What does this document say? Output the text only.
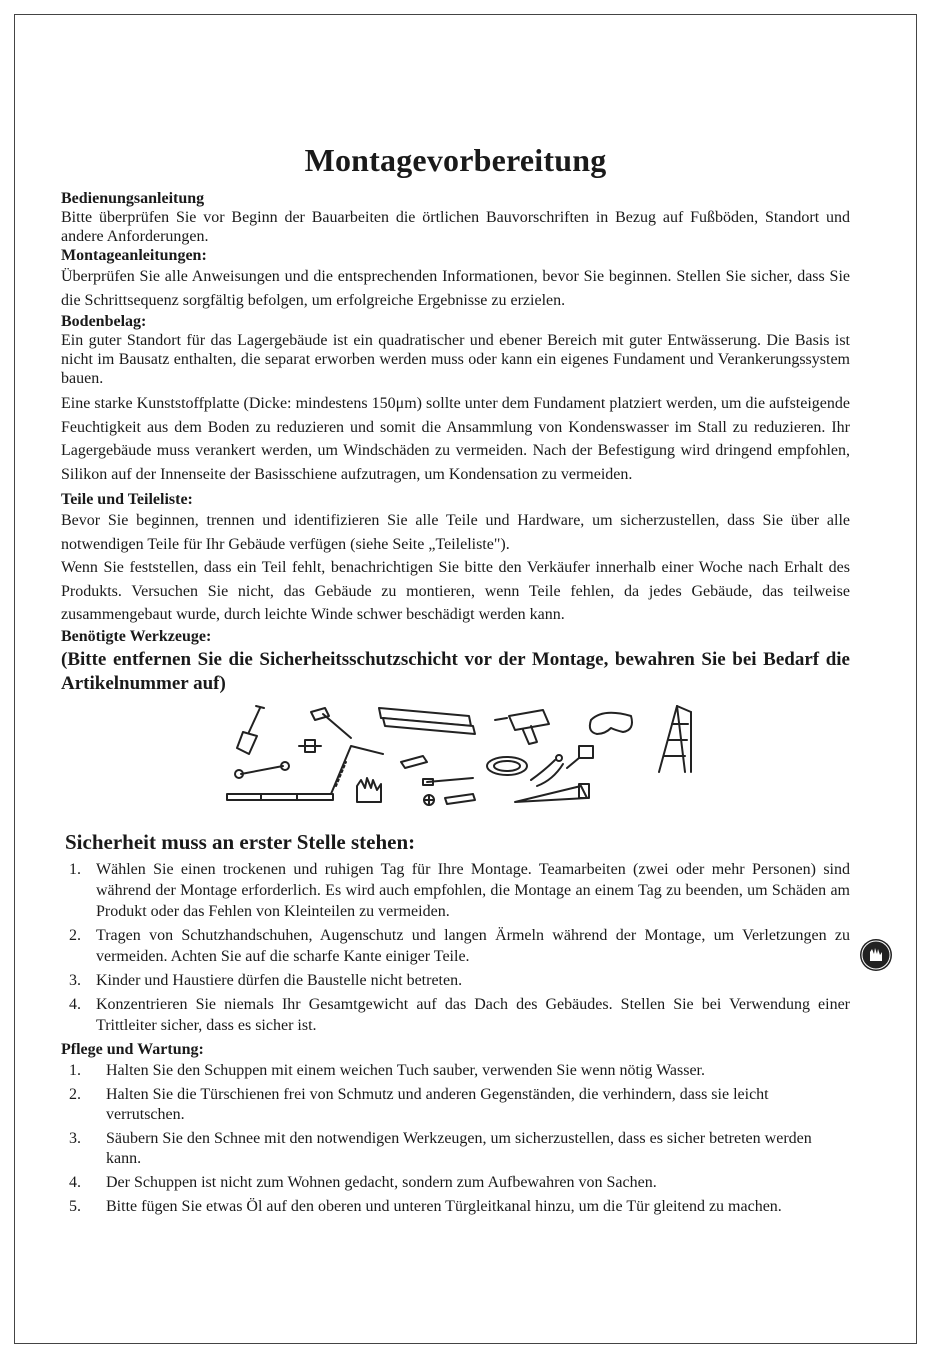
Montagevorbereitung

Bedienungsanleitung

Bitte überprüfen Sie vor Beginn der Bauarbeiten die örtlichen Bauvorschriften in Bezug auf Fußböden, Standort und andere Anforderungen.

Montageanleitungen:

Überprüfen Sie alle Anweisungen und die entsprechenden Informationen, bevor Sie beginnen. Stellen Sie sicher, dass Sie die Schrittsequenz sorgfältig befolgen, um erfolgreiche Ergebnisse zu erzielen.

Bodenbelag:

Ein guter Standort für das Lagergebäude ist ein quadratischer und ebener Bereich mit guter Entwässerung. Die Basis ist nicht im Bausatz enthalten, die separat erworben werden muss oder kann ein eigenes Fundament und Verankerungssystem bauen.

Eine starke Kunststoffplatte (Dicke: mindestens 150μm) sollte unter dem Fundament platziert werden, um die aufsteigende Feuchtigkeit aus dem Boden zu reduzieren und somit die Ansammlung von Kondenswasser im Stall zu reduzieren. Ihr Lagergebäude muss verankert werden, um Windschäden zu vermeiden. Nach der Befestigung wird dringend empfohlen, Silikon auf der Innenseite der Basisschiene aufzutragen, um Kondensation zu vermeiden.

Teile und Teileliste:

Bevor Sie beginnen, trennen und identifizieren Sie alle Teile und Hardware, um sicherzustellen, dass Sie über alle notwendigen Teile für Ihr Gebäude verfügen (siehe Seite „Teileliste").

Wenn Sie feststellen, dass ein Teil fehlt, benachrichtigen Sie bitte den Verkäufer innerhalb einer Woche nach Erhalt des Produkts. Versuchen Sie nicht, das Gebäude zu montieren, wenn Teile fehlen, da jedes Gebäude, das teilweise zusammengebaut wurde, durch leichte Winde schwer beschädigt werden kann.

Benötigte Werkzeuge:

(Bitte entfernen Sie die Sicherheitsschutzschicht vor der Montage, bewahren Sie bei Bedarf die Artikelnummer auf)

Sicherheit muss an erster Stelle stehen:
1. Wählen Sie einen trockenen und ruhigen Tag für Ihre Montage. Teamarbeiten (zwei oder mehr Personen) sind während der Montage erforderlich. Es wird auch empfohlen, die Montage an einem Tag zu beenden, um Schäden am Produkt oder das Fehlen von Kleinteilen zu vermeiden.
2. Tragen von Schutzhandschuhen, Augenschutz und langen Ärmeln während der Montage, um Verletzungen zu vermeiden. Achten Sie auf die scharfe Kante einiger Teile.
3. Kinder und Haustiere dürfen die Baustelle nicht betreten.
4. Konzentrieren Sie niemals Ihr Gesamtgewicht auf das Dach des Gebäudes. Stellen Sie bei Verwendung einer Trittleiter sicher, dass es sicher ist.

Pflege und Wartung:

1. Halten Sie den Schuppen mit einem weichen Tuch sauber, verwenden Sie wenn nötig Wasser.
2. Halten Sie die Türschienen frei von Schmutz und anderen Gegenständen, die verhindern, dass sie leicht verrutschen.
3. Säubern Sie den Schnee mit den notwendigen Werkzeugen, um sicherzustellen, dass es sicher betreten werden kann.
4. Der Schuppen ist nicht zum Wohnen gedacht, sondern zum Aufbewahren von Sachen.
5. Bitte fügen Sie etwas Öl auf den oberen und unteren Türgleitkanal hinzu, um die Tür gleitend zu machen.
